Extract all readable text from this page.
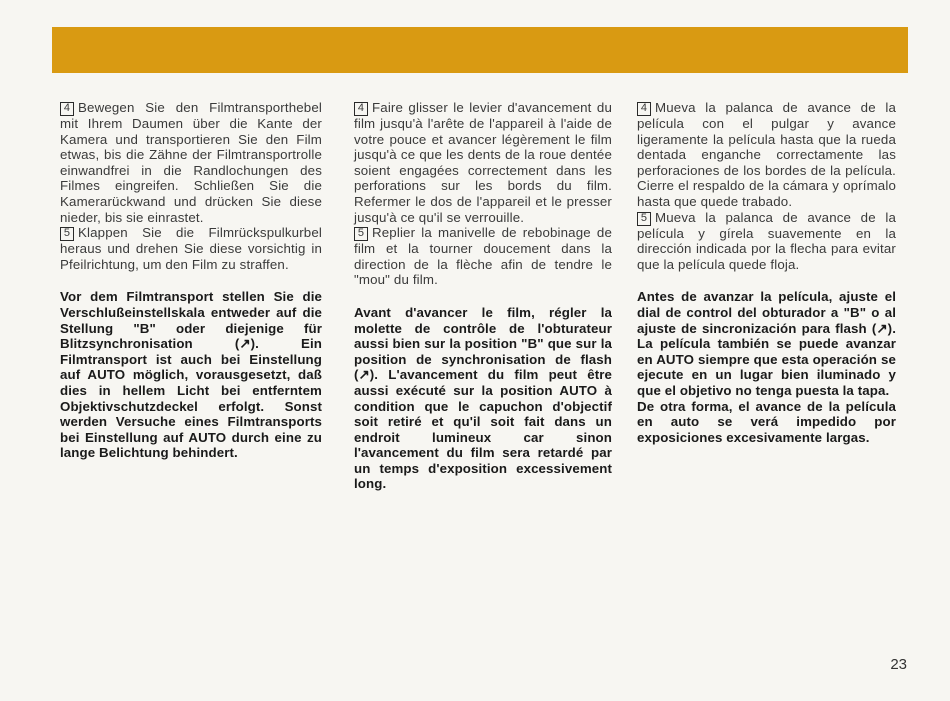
4 Bewegen Sie den Filmtransporthebel mit Ihrem Daumen über die Kante der Kamera und transportieren Sie den Film etwas, bis die Zähne der Filmtransportrolle einwandfrei in die Randlochungen des Filmes eingreifen. Schließen Sie die Kamerarückwand und drücken Sie diese nieder, bis sie einrastet.

5 Klappen Sie die Filmrückspulkurbel heraus und drehen Sie diese vorsichtig in Pfeilrichtung, um den Film zu straffen.

Vor dem Filmtransport stellen Sie die Verschlußeinstellskala entweder auf die Stellung "B" oder diejenige für Blitzsynchronisation (↗). Ein Filmtransport ist auch bei Einstellung auf AUTO möglich, vorausgesetzt, daß dies in hellem Licht bei entferntem Objektivschutzdeckel erfolgt. Sonst werden Versuche eines Filmtransports bei Einstellung auf AUTO durch eine zu lange Belichtung behindert.

4 Faire glisser le levier d'avancement du film jusqu'à l'arête de l'appareil à l'aide de votre pouce et avancer légèrement le film jusqu'à ce que les dents de la roue dentée soient engagées correctement dans les perforations sur les bords du film. Refermer le dos de l'appareil et le presser jusqu'à ce qu'il se verrouille.

5 Replier la manivelle de rebobinage de film et la tourner doucement dans la direction de la flèche afin de tendre le "mou" du film.

Avant d'avancer le film, régler la molette de contrôle de l'obturateur aussi bien sur la position "B" que sur la position de synchronisation de flash (↗). L'avancement du film peut être aussi exécuté sur la position AUTO à condition que le capuchon d'objectif soit retiré et qu'il soit fait dans un endroit lumineux car sinon l'avancement du film sera retardé par un temps d'exposition excessivement long.

4 Mueva la palanca de avance de la película con el pulgar y avance ligeramente la película hasta que la rueda dentada enganche correctamente las perforaciones de los bordes de la película. Cierre el respaldo de la cámara y oprímalo hasta que quede trabado.

5 Mueva la palanca de avance de la película y gírela suavemente en la dirección indicada por la flecha para evitar que la película quede floja.

Antes de avanzar la película, ajuste el dial de control del obturador a "B" o al ajuste de sincronización para flash (↗). La película también se puede avanzar en AUTO siempre que esta operación se ejecute en un lugar bien iluminado y que el objetivo no tenga puesta la tapa.

De otra forma, el avance de la película en auto se verá impedido por exposiciones excesivamente largas.

23
